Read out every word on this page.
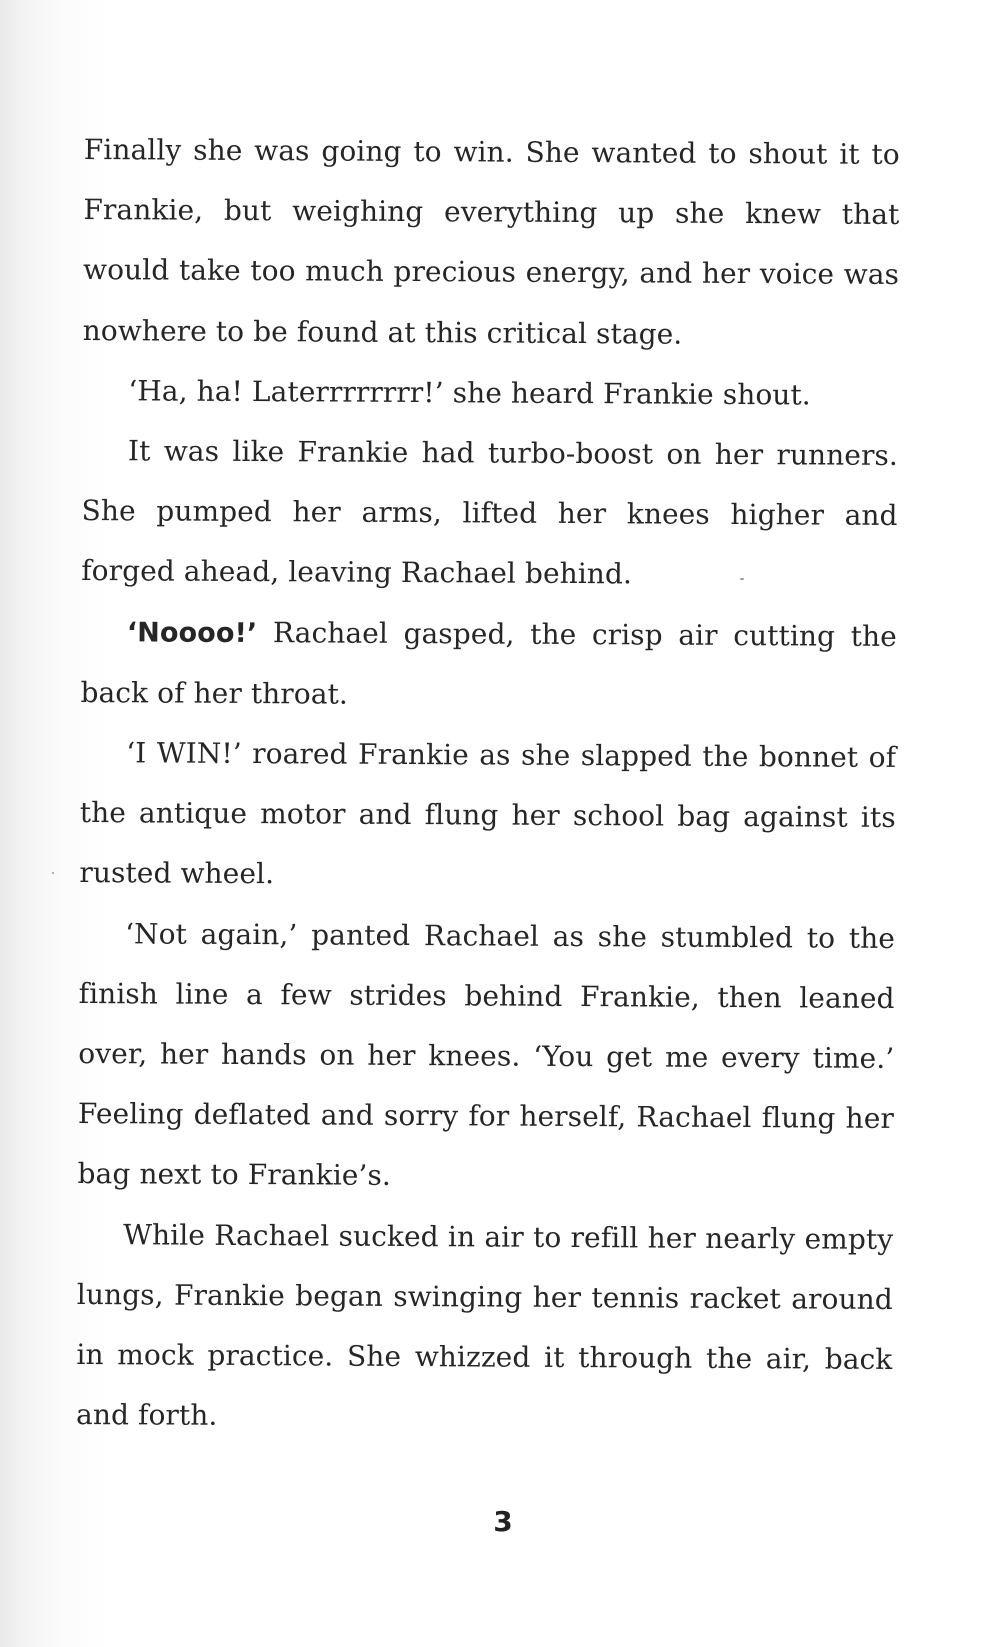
Finally she was going to win. She wanted to shout it to Frankie, but weighing everything up she knew that would take too much precious energy, and her voice was nowhere to be found at this critical stage.

‘Ha, ha! Laterrrrrrrr!’ she heard Frankie shout.

It was like Frankie had turbo-boost on her runners. She pumped her arms, lifted her knees higher and forged ahead, leaving Rachael behind.

‘Noooo!’ Rachael gasped, the crisp air cutting the back of her throat.

‘I WIN!’ roared Frankie as she slapped the bonnet of the antique motor and flung her school bag against its rusted wheel.

‘Not again,’ panted Rachael as she stumbled to the finish line a few strides behind Frankie, then leaned over, her hands on her knees. ‘You get me every time.’ Feeling deflated and sorry for herself, Rachael flung her bag next to Frankie’s.

While Rachael sucked in air to refill her nearly empty lungs, Frankie began swinging her tennis racket around in mock practice. She whizzed it through the air, back and forth.

3
